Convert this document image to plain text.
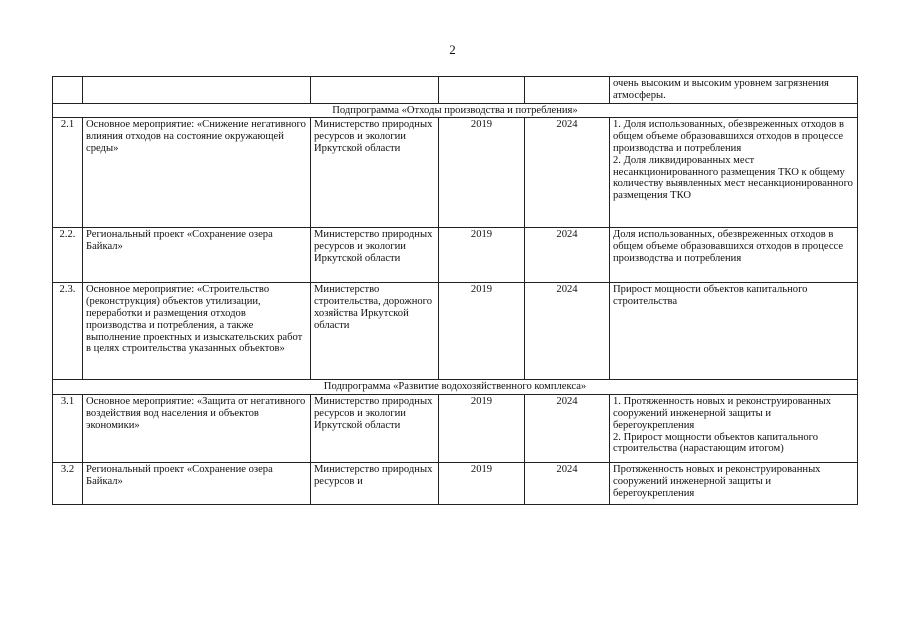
2
					очень высоким и высоким уровнем загрязнения атмосферы.
Подпрограмма «Отходы производства и потребления»					
2.1	Основное мероприятие: «Снижение негативного влияния отходов на состояние окружающей среды»	Министерство природных ресурсов и экологии Иркутской области	2019	2024	1. Доля использованных, обезвреженных отходов в общем объеме образовавшихся отходов в процессе производства и потребления
2. Доля ликвидированных мест несанкционированного размещения ТКО к общему количеству выявленных мест несанкционированного размещения ТКО

2.2.	Региональный проект «Сохранение озера Байкал»	Министерство природных ресурсов и экологии Иркутской области	2019	2024	Доля использованных, обезвреженных отходов в общем объеме образовавшихся отходов в процессе производства и потребления

2.3.	Основное мероприятие: «Строительство (реконструкция) объектов утилизации, переработки и размещения отходов производства и потребления, а также выполнение проектных и изыскательских работ в целях строительства указанных объектов»	Министерство строительства, дорожного хозяйства Иркутской области	2019	2024	Прирост мощности объектов капитального строительства

Подпрограмма «Развитие водохозяйственного комплекса»					
3.1	Основное мероприятие: «Защита от негативного воздействия вод населения и объектов экономики»	Министерство природных ресурсов и экологии Иркутской области	2019	2024	1. Протяженность новых и реконструированных сооружений инженерной защиты и берегоукрепления
2. Прирост мощности объектов капитального строительства (нарастающим итогом)

3.2	Региональный проект «Сохранение озера Байкал»	Министерство природных ресурсов и	2019	2024	Протяженность новых и реконструированных сооружений инженерной защиты и берегоукрепления
